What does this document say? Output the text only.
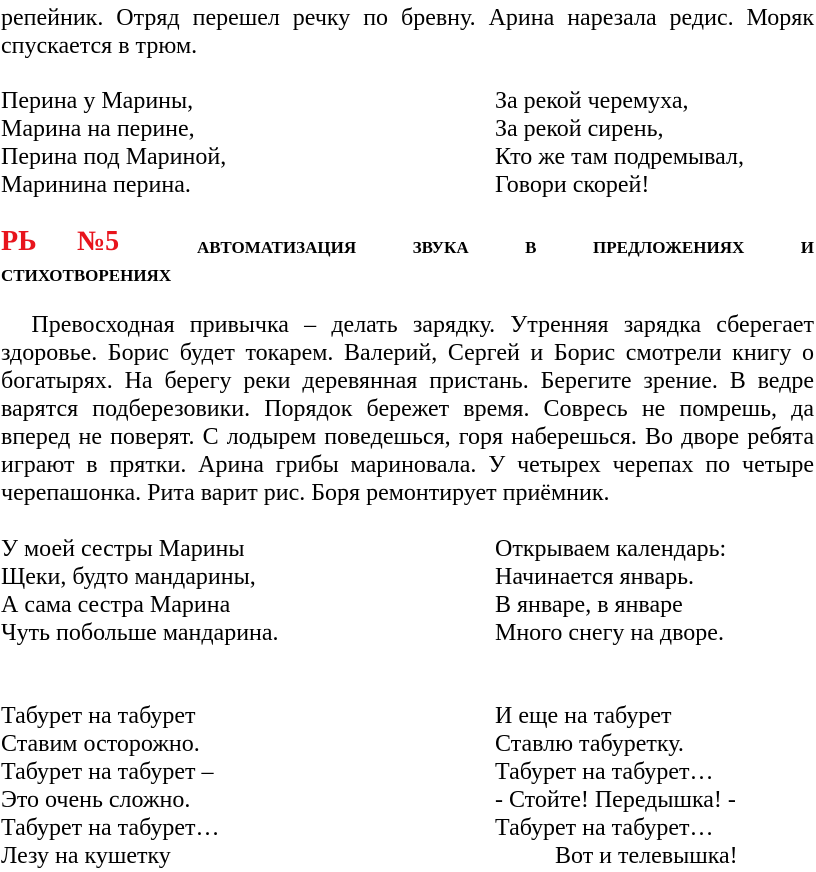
репейник. Отряд перешел речку по бревну. Арина нарезала редис. Моряк
спускается в трюм.
Перина у Марины,
Марина на перине,
Перина под Мариной,
Маринина перина.
За рекой черемуха,
За рекой сирень,
Кто же там подремывал,
Говори скорей!
РЬ №5	АВТОМАТИЗАЦИЯ ЗВУКА В ПРЕДЛОЖЕНИЯХ И
СТИХОТВОРЕНИЯХ
Превосходная привычка – делать зарядку. Утренняя зарядка сберегает
здоровье. Борис будет токарем. Валерий, Сергей и Борис смотрели книгу о
богатырях. На берегу реки деревянная пристань. Берегите зрение. В ведре
варятся подберезовики. Порядок бережет время. Совресь не помрешь, да
вперед не поверят. С лодырем поведешься, горя наберешься. Во дворе ребята
играют в прятки. Арина грибы мариновала. У четырех черепах по четыре
черепашонка. Рита варит рис. Боря ремонтирует приёмник.
У моей сестры Марины
Щеки, будто мандарины,
А сама сестра Марина
Чуть побольше мандарина.
Открываем календарь:
Начинается январь.
В январе, в январе
Много снегу на дворе.
Табурет на табурет
Ставим осторожно.
Табурет на табурет –
Это очень сложно.
Табурет на табурет…
Лезу на кушетку
И еще на табурет
Ставлю табуретку.
Табурет на табурет…
- Стойте! Передышка! -
Табурет на табурет…
Вот и телевышка!
